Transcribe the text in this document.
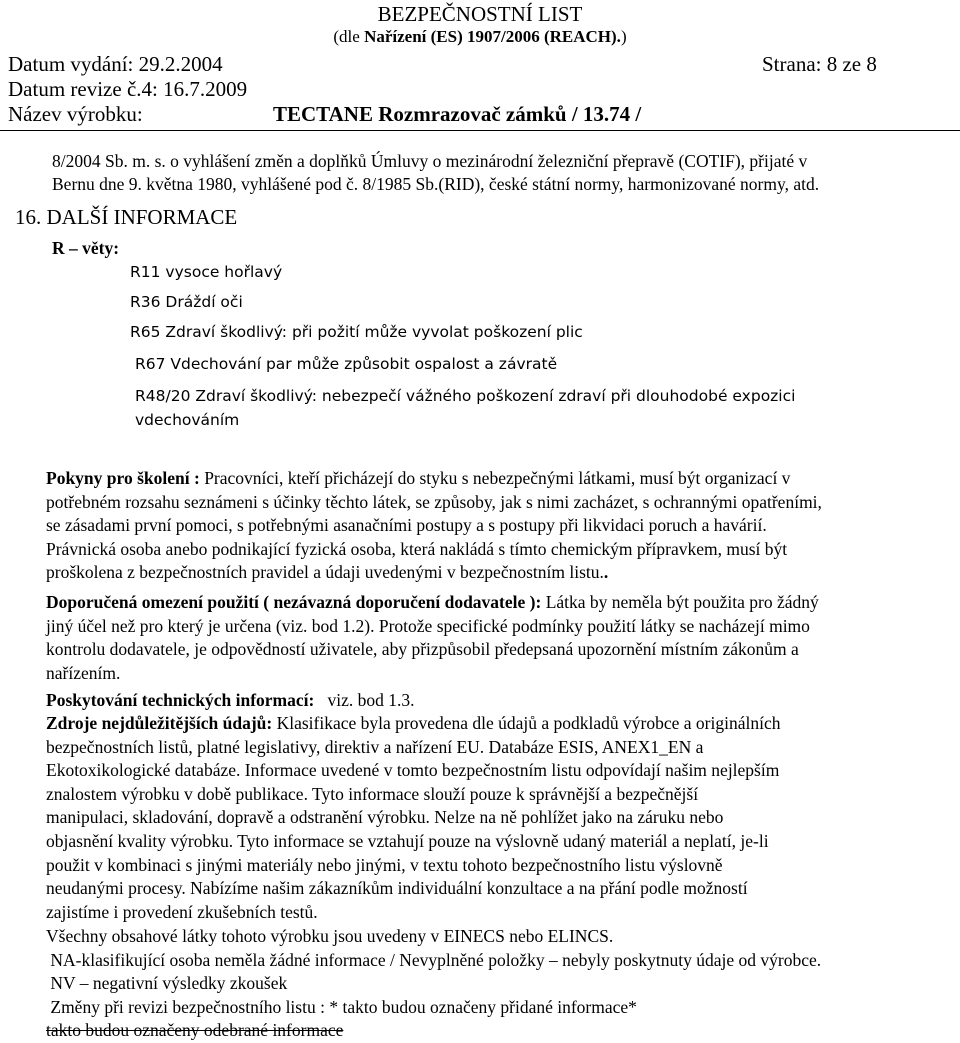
BEZPEČNOSTNÍ LIST
(dle Nařízení (ES) 1907/2006 (REACH).)
Datum vydání: 29.2.2004	Strana: 8 ze 8
Datum revize č.4: 16.7.2009
Název výrobku:	TECTANE Rozmrazovač zámků / 13.74 /
8/2004 Sb. m. s. o vyhlášení změn a doplňků Úmluvy o mezinárodní železniční přepravě (COTIF), přijaté v
Bernu dne 9. května 1980, vyhlášené pod č. 8/1985 Sb.(RID), české státní normy, harmonizované normy, atd.
16. DALŠÍ INFORMACE
R – věty:
R11 vysoce hořlavý
R36 Dráždí oči
R65 Zdraví škodlivý: při požití může vyvolat poškození plic
R67 Vdechování par může způsobit ospalost a závratě
R48/20 Zdraví škodlivý: nebezpečí vážného poškození zdraví při dlouhodobé expozici
vdechováním
Pokyny pro školení : Pracovníci, kteří přicházejí do styku s nebezpečnými látkami, musí být organizací v
potřebném rozsahu seznámeni s účinky těchto látek, se způsoby, jak s nimi zacházet, s ochrannými opatřeními,
se zásadami první pomoci, s potřebnými asanačními postupy a s postupy při likvidaci poruch a havárií.
Právnická osoba anebo podnikající fyzická osoba, která nakládá s tímto chemickým přípravkem, musí být
proškolena z bezpečnostních pravidel a údaji uvedenými v bezpečnostním listu..
Doporučená omezení použití ( nezávazná doporučení dodavatele ): Látka by neměla být použita pro žádný
jiný účel než pro který je určena (viz. bod 1.2). Protože specifické podmínky použití látky se nacházejí mimo
kontrolu dodavatele, je odpovědností uživatele, aby přizpůsobil předepsaná upozornění místním zákonům a
nařízením.
Poskytování technických informací:   viz. bod 1.3.
Zdroje nejdůležitějších údajů: Klasifikace byla provedena dle údajů a podkladů výrobce a originálních
bezpečnostních listů, platné legislativy, direktiv a nařízení EU. Databáze ESIS, ANEX1_EN a
Ekotoxikologické databáze. Informace uvedené v tomto bezpečnostním listu odpovídají našim nejlepším
znalostem výrobku v době publikace. Tyto informace slouží pouze k správnější a bezpečnější
manipulaci, skladování, dopravě a odstranění výrobku. Nelze na ně pohlížet jako na záruku nebo
objasnění kvality výrobku. Tyto informace se vztahují pouze na výslovně udaný materiál a neplatí, je-li
použit v kombinaci s jinými materiály nebo jinými, v textu tohoto bezpečnostního listu výslovně
neudanými procesy. Nabízíme našim zákazníkům individuální konzultace a na přání podle možností
zajistíme i provedení zkušebních testů.
Všechny obsahové látky tohoto výrobku jsou uvedeny v EINECS nebo ELINCS.
NA-klasifikující osoba neměla žádné informace / Nevyplněné položky – nebyly poskytnuty údaje od výrobce.
NV – negativní výsledky zkoušek
Změny při revizi bezpečnostního listu : * takto budou označeny přidané informace*
takto budou označeny odebrané informace
